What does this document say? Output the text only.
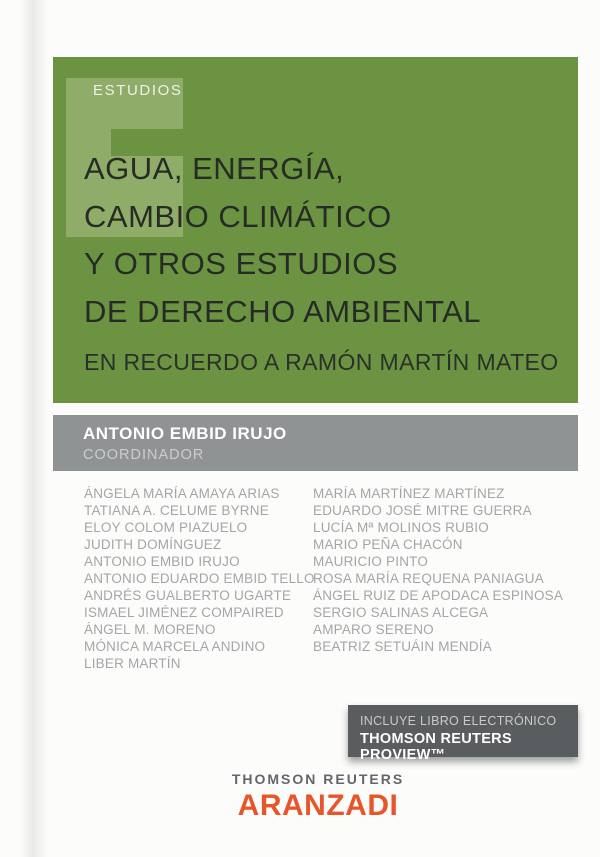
ESTUDIOS
AGUA, ENERGÍA,
CAMBIO CLIMÁTICO
Y OTROS ESTUDIOS
DE DERECHO AMBIENTAL
EN RECUERDO A RAMÓN MARTÍN MATEO
ANTONIO EMBID IRUJO
COORDINADOR
ÁNGELA MARÍA AMAYA ARIAS
TATIANA A. CELUME BYRNE
ELOY COLOM PIAZUELO
JUDITH DOMÍNGUEZ
ANTONIO EMBID IRUJO
ANTONIO EDUARDO EMBID TELLO
ANDRÉS GUALBERTO UGARTE
ISMAEL JIMÉNEZ COMPAIRED
ÁNGEL M. MORENO
MÓNICA MARCELA ANDINO
LIBER MARTÍN
MARÍA MARTÍNEZ MARTÍNEZ
EDUARDO JOSÉ MITRE GUERRA
LUCÍA Mª MOLINOS RUBIO
MARIO PEÑA CHACÓN
MAURICIO PINTO
ROSA MARÍA REQUENA PANIAGUA
ÁNGEL RUIZ DE APODACA ESPINOSA
SERGIO SALINAS ALCEGA
AMPARO SERENO
BEATRIZ SETUÁIN MENDÍA
INCLUYE LIBRO ELECTRÓNICO
THOMSON REUTERS PROVIEW™
THOMSON REUTERS
ARANZADI
